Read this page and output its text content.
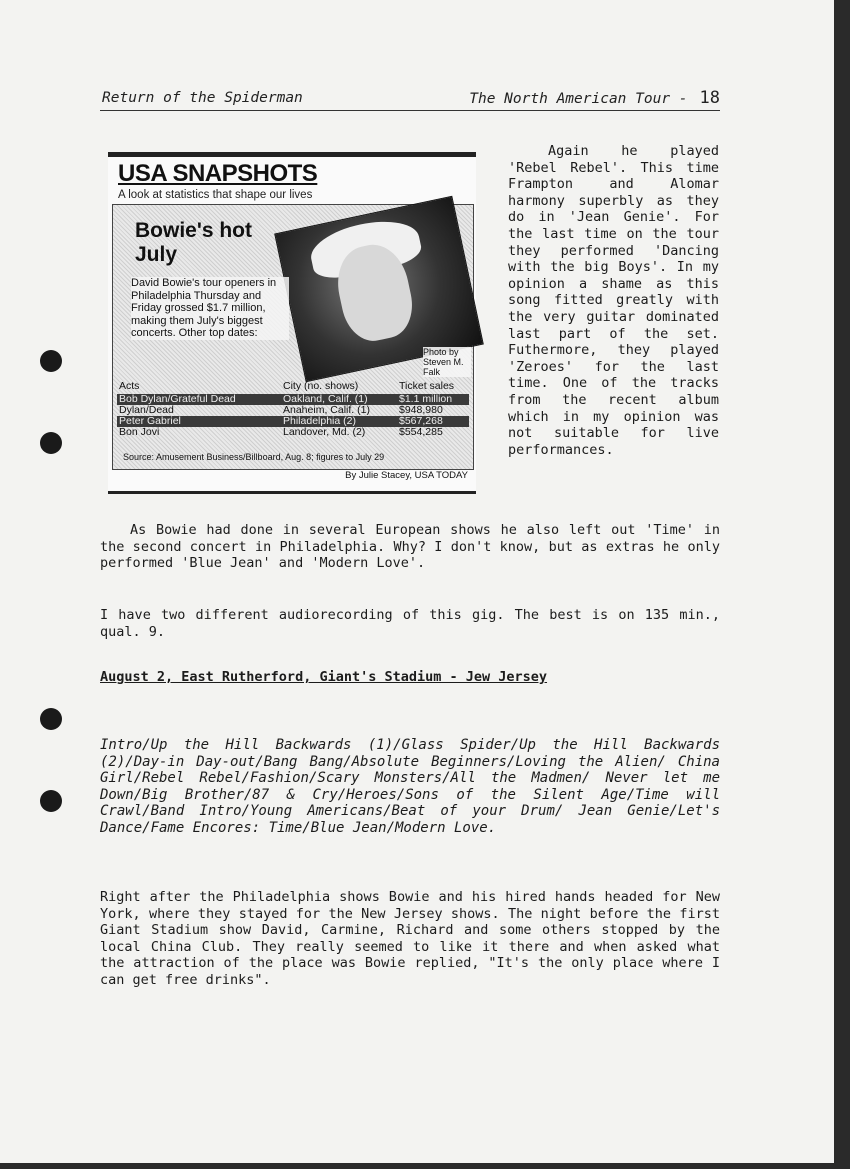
Return of the Spiderman	The North American Tour - 18
USA SNAPSHOTS
A look at statistics that shape our lives
Bowie's hot July
David Bowie's tour openers in Philadelphia Thursday and Friday grossed $1.7 million, making them July's biggest concerts. Other top dates:
Photo by Steven M. Falk
Acts	City (no. shows)	Ticket sales
Bob Dylan/Grateful Dead	Oakland, Calif. (1)	$1.1 million
Dylan/Dead	Anaheim, Calif. (1)	$948,980
Peter Gabriel	Philadelphia (2)	$567,268
Bon Jovi	Landover, Md. (2)	$554,285
Source: Amusement Business/Billboard, Aug. 8; figures to July 29
By Julie Stacey, USA TODAY

Again he played 'Rebel Rebel'. This time Frampton and Alomar harmony superbly as they do in 'Jean Genie'. For the last time on the tour they performed 'Dancing with the big Boys'. In my opinion a shame as this song fitted greatly with the very guitar dominated last part of the set. Futhermore, they played 'Zeroes' for the last time. One of the tracks from the recent album which in my opinion was not suitable for live performances.

As Bowie had done in several European shows he also left out 'Time' in the second concert in Philadelphia. Why? I don't know, but as extras he only performed 'Blue Jean' and 'Modern Love'.

I have two different audiorecording of this gig. The best is on 135 min., qual. 9.

August 2, East Rutherford, Giant's Stadium - Jew Jersey

Intro/Up the Hill Backwards (1)/Glass Spider/Up the Hill Backwards (2)/Day-in Day-out/Bang Bang/Absolute Beginners/Loving the Alien/ China Girl/Rebel Rebel/Fashion/Scary Monsters/All the Madmen/ Never let me Down/Big Brother/87 & Cry/Heroes/Sons of the Silent Age/Time will Crawl/Band Intro/Young Americans/Beat of your Drum/ Jean Genie/Let's Dance/Fame Encores: Time/Blue Jean/Modern Love.

Right after the Philadelphia shows Bowie and his hired hands headed for New York, where they stayed for the New Jersey shows. The night before the first Giant Stadium show David, Carmine, Richard and some others stopped by the local China Club. They really seemed to like it there and when asked what the attraction of the place was Bowie replied, "It's the only place where I can get free drinks".
